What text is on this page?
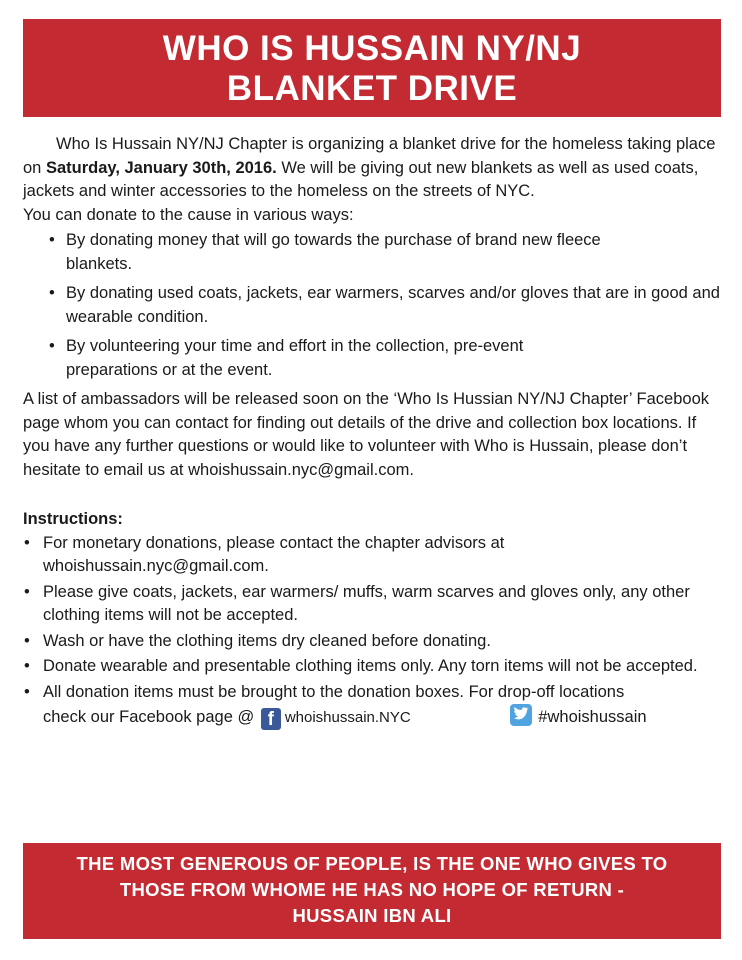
WHO IS HUSSAIN NY/NJ
BLANKET DRIVE

Who Is Hussain NY/NJ Chapter is organizing a blanket drive for the homeless taking place on Saturday, January 30th, 2016. We will be giving out new blankets as well as used coats, jackets and winter accessories to the homeless on the streets of NYC.

You can donate to the cause in various ways:

• By donating money that will go towards the purchase of brand new fleece
blankets.
• By donating used coats, jackets, ear warmers, scarves and/or gloves that are in good and wearable condition.
• By volunteering your time and effort in the collection, pre-event
preparations or at the event.

A list of ambassadors will be released soon on the ‘Who Is Hussian NY/NJ Chapter’ Facebook page whom you can contact for finding out details of the drive and collection box locations. If you have any further questions or would like to volunteer with Who is Hussain, please don’t hesitate to email us at whoishussain.nyc@gmail.com.

Instructions:

• For monetary donations, please contact the chapter advisors at whoishussain.nyc@gmail.com.
• Please give coats, jackets, ear warmers/ muffs, warm scarves and gloves only, any other clothing items will not be accepted.
• Wash or have the clothing items dry cleaned before donating.
• Donate wearable and presentable clothing items only. Any torn items will not be accepted.
• All donation items must be brought to the donation boxes. For drop-off locations
check our Facebook page @ f whoishussain.NYC	#whoishussain
THE MOST GENEROUS OF PEOPLE, IS THE ONE WHO GIVES TO
THOSE FROM WHOME HE HAS NO HOPE OF RETURN -
HUSSAIN IBN ALI
